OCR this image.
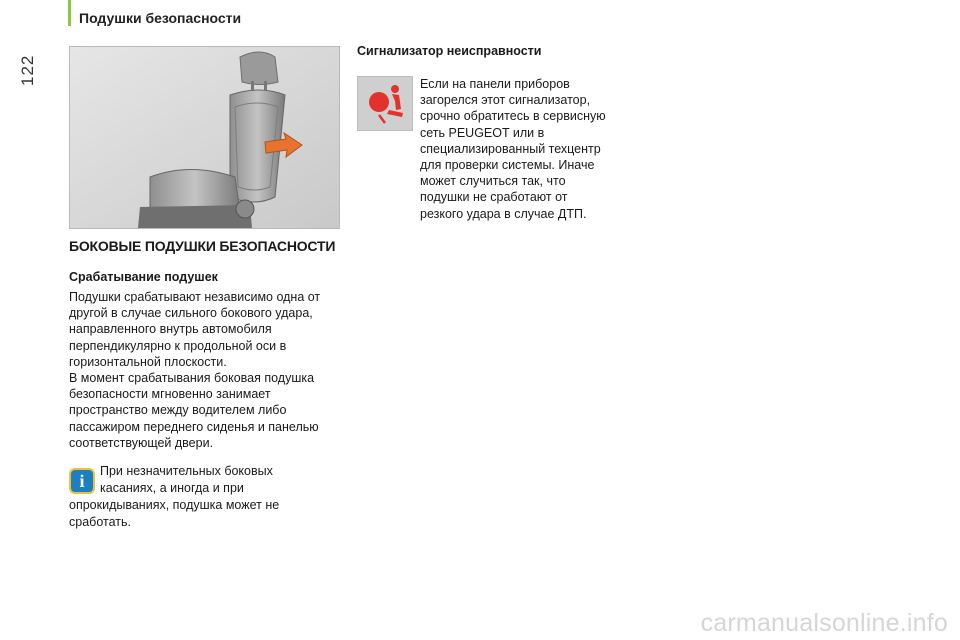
Подушки безопасности
122
БОКОВЫЕ ПОДУШКИ БЕЗОПАСНОСТИ
Срабатывание подушек

Подушки срабатывают независимо одна от другой в случае сильного бокового удара, направленного внутрь автомобиля перпендикулярно к продольной оси в горизонтальной плоскости.

В момент срабатывания боковая подушка безопасности мгновенно занимает пространство между водителем либо пассажиром переднего сиденья и панелью соответствующей двери.

i	При незначительных боковых
касаниях, а иногда и при
опрокидываниях, подушка может не
сработать.
Сигнализатор неисправности
Если на панели приборов
загорелся этот сигнализатор,
срочно обратитесь в сервисную
сеть PEUGEOT или в
специализированный техцентр
для проверки системы. Иначе
может случиться так, что
подушки не сработают от
резкого удара в случае ДТП.
carmanualsonline.info
